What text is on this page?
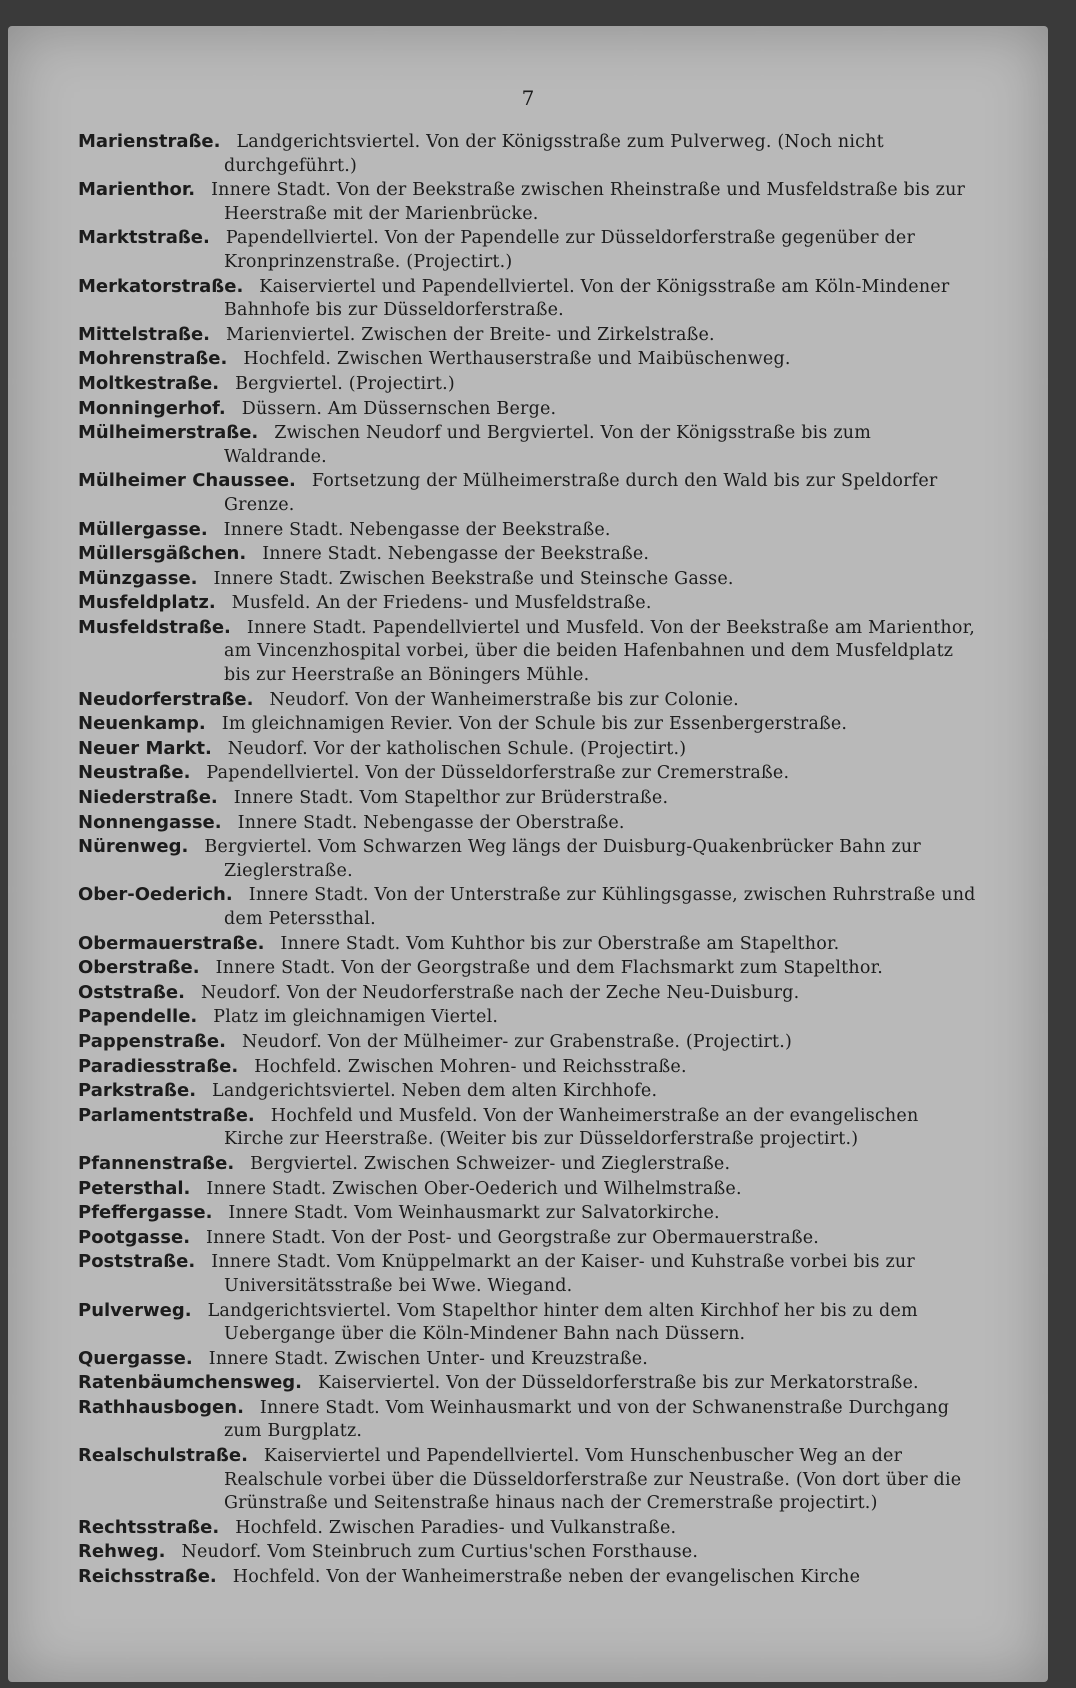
7
Marienstraße. Landgerichtsviertel. Von der Königsstraße zum Pulverweg. (Noch nicht durchgeführt.)
Marienthor. Innere Stadt. Von der Beekstraße zwischen Rheinstraße und Musfeldstraße bis zur Heerstraße mit der Marienbrücke.
Marktstraße. Papendellviertel. Von der Papendelle zur Düsseldorferstraße gegenüber der Kronprinzenstraße. (Projectirt.)
Merkatorstraße. Kaiserviertel und Papendellviertel. Von der Königsstraße am Köln-Mindener Bahnhofe bis zur Düsseldorferstraße.
Mittelstraße. Marienviertel. Zwischen der Breite- und Zirkelstraße.
Mohrenstraße. Hochfeld. Zwischen Werthauserstraße und Maibüschenweg.
Moltkestraße. Bergviertel. (Projectirt.)
Monningerhof. Düssern. Am Düssernschen Berge.
Mülheimerstraße. Zwischen Neudorf und Bergviertel. Von der Königsstraße bis zum Waldrande.
Mülheimer Chaussee. Fortsetzung der Mülheimerstraße durch den Wald bis zur Speldorfer Grenze.
Müllergasse. Innere Stadt. Nebengasse der Beekstraße.
Müllersgäßchen. Innere Stadt. Nebengasse der Beekstraße.
Münzgasse. Innere Stadt. Zwischen Beekstraße und Steinsche Gasse.
Musfeldplatz. Musfeld. An der Friedens- und Musfeldstraße.
Musfeldstraße. Innere Stadt. Papendellviertel und Musfeld. Von der Beekstraße am Marienthor, am Vincenzhospital vorbei, über die beiden Hafenbahnen und dem Musfeldplatz bis zur Heerstraße an Böningers Mühle.
Neudorferstraße. Neudorf. Von der Wanheimerstraße bis zur Colonie.
Neuenkamp. Im gleichnamigen Revier. Von der Schule bis zur Essenbergerstraße.
Neuer Markt. Neudorf. Vor der katholischen Schule. (Projectirt.)
Neustraße. Papendellviertel. Von der Düsseldorferstraße zur Cremerstraße.
Niederstraße. Innere Stadt. Vom Stapelthor zur Brüderstraße.
Nonnengasse. Innere Stadt. Nebengasse der Oberstraße.
Nürenweg. Bergviertel. Vom Schwarzen Weg längs der Duisburg-Quakenbrücker Bahn zur Zieglerstraße.
Ober-Oederich. Innere Stadt. Von der Unterstraße zur Kühlingsgasse, zwischen Ruhrstraße und dem Peterssthal.
Obermauerstraße. Innere Stadt. Vom Kuhthor bis zur Oberstraße am Stapelthor.
Oberstraße. Innere Stadt. Von der Georgstraße und dem Flachsmarkt zum Stapelthor.
Oststraße. Neudorf. Von der Neudorferstraße nach der Zeche Neu-Duisburg.
Papendelle. Platz im gleichnamigen Viertel.
Pappenstraße. Neudorf. Von der Mülheimer- zur Grabenstraße. (Projectirt.)
Paradiesstraße. Hochfeld. Zwischen Mohren- und Reichsstraße.
Parkstraße. Landgerichtsviertel. Neben dem alten Kirchhofe.
Parlamentstraße. Hochfeld und Musfeld. Von der Wanheimerstraße an der evangelischen Kirche zur Heerstraße. (Weiter bis zur Düsseldorferstraße projectirt.)
Pfannenstraße. Bergviertel. Zwischen Schweizer- und Zieglerstraße.
Petersthal. Innere Stadt. Zwischen Ober-Oederich und Wilhelmstraße.
Pfeffergasse. Innere Stadt. Vom Weinhausmarkt zur Salvatorkirche.
Pootgasse. Innere Stadt. Von der Post- und Georgstraße zur Obermauerstraße.
Poststraße. Innere Stadt. Vom Knüppelmarkt an der Kaiser- und Kuhstraße vorbei bis zur Universitätsstraße bei Wwe. Wiegand.
Pulverweg. Landgerichtsviertel. Vom Stapelthor hinter dem alten Kirchhof her bis zu dem Uebergange über die Köln-Mindener Bahn nach Düssern.
Quergasse. Innere Stadt. Zwischen Unter- und Kreuzstraße.
Ratenbäumchensweg. Kaiserviertel. Von der Düsseldorferstraße bis zur Merkatorstraße.
Rathhausbogen. Innere Stadt. Vom Weinhausmarkt und von der Schwanenstraße Durchgang zum Burgplatz.
Realschulstraße. Kaiserviertel und Papendellviertel. Vom Hunschenbuscher Weg an der Realschule vorbei über die Düsseldorferstraße zur Neustraße. (Von dort über die Grünstraße und Seitenstraße hinaus nach der Cremerstraße projectirt.)
Rechtsstraße. Hochfeld. Zwischen Paradies- und Vulkanstraße.
Rehweg. Neudorf. Vom Steinbruch zum Curtius'schen Forsthause.
Reichsstraße. Hochfeld. Von der Wanheimerstraße neben der evangelischen Kirche
